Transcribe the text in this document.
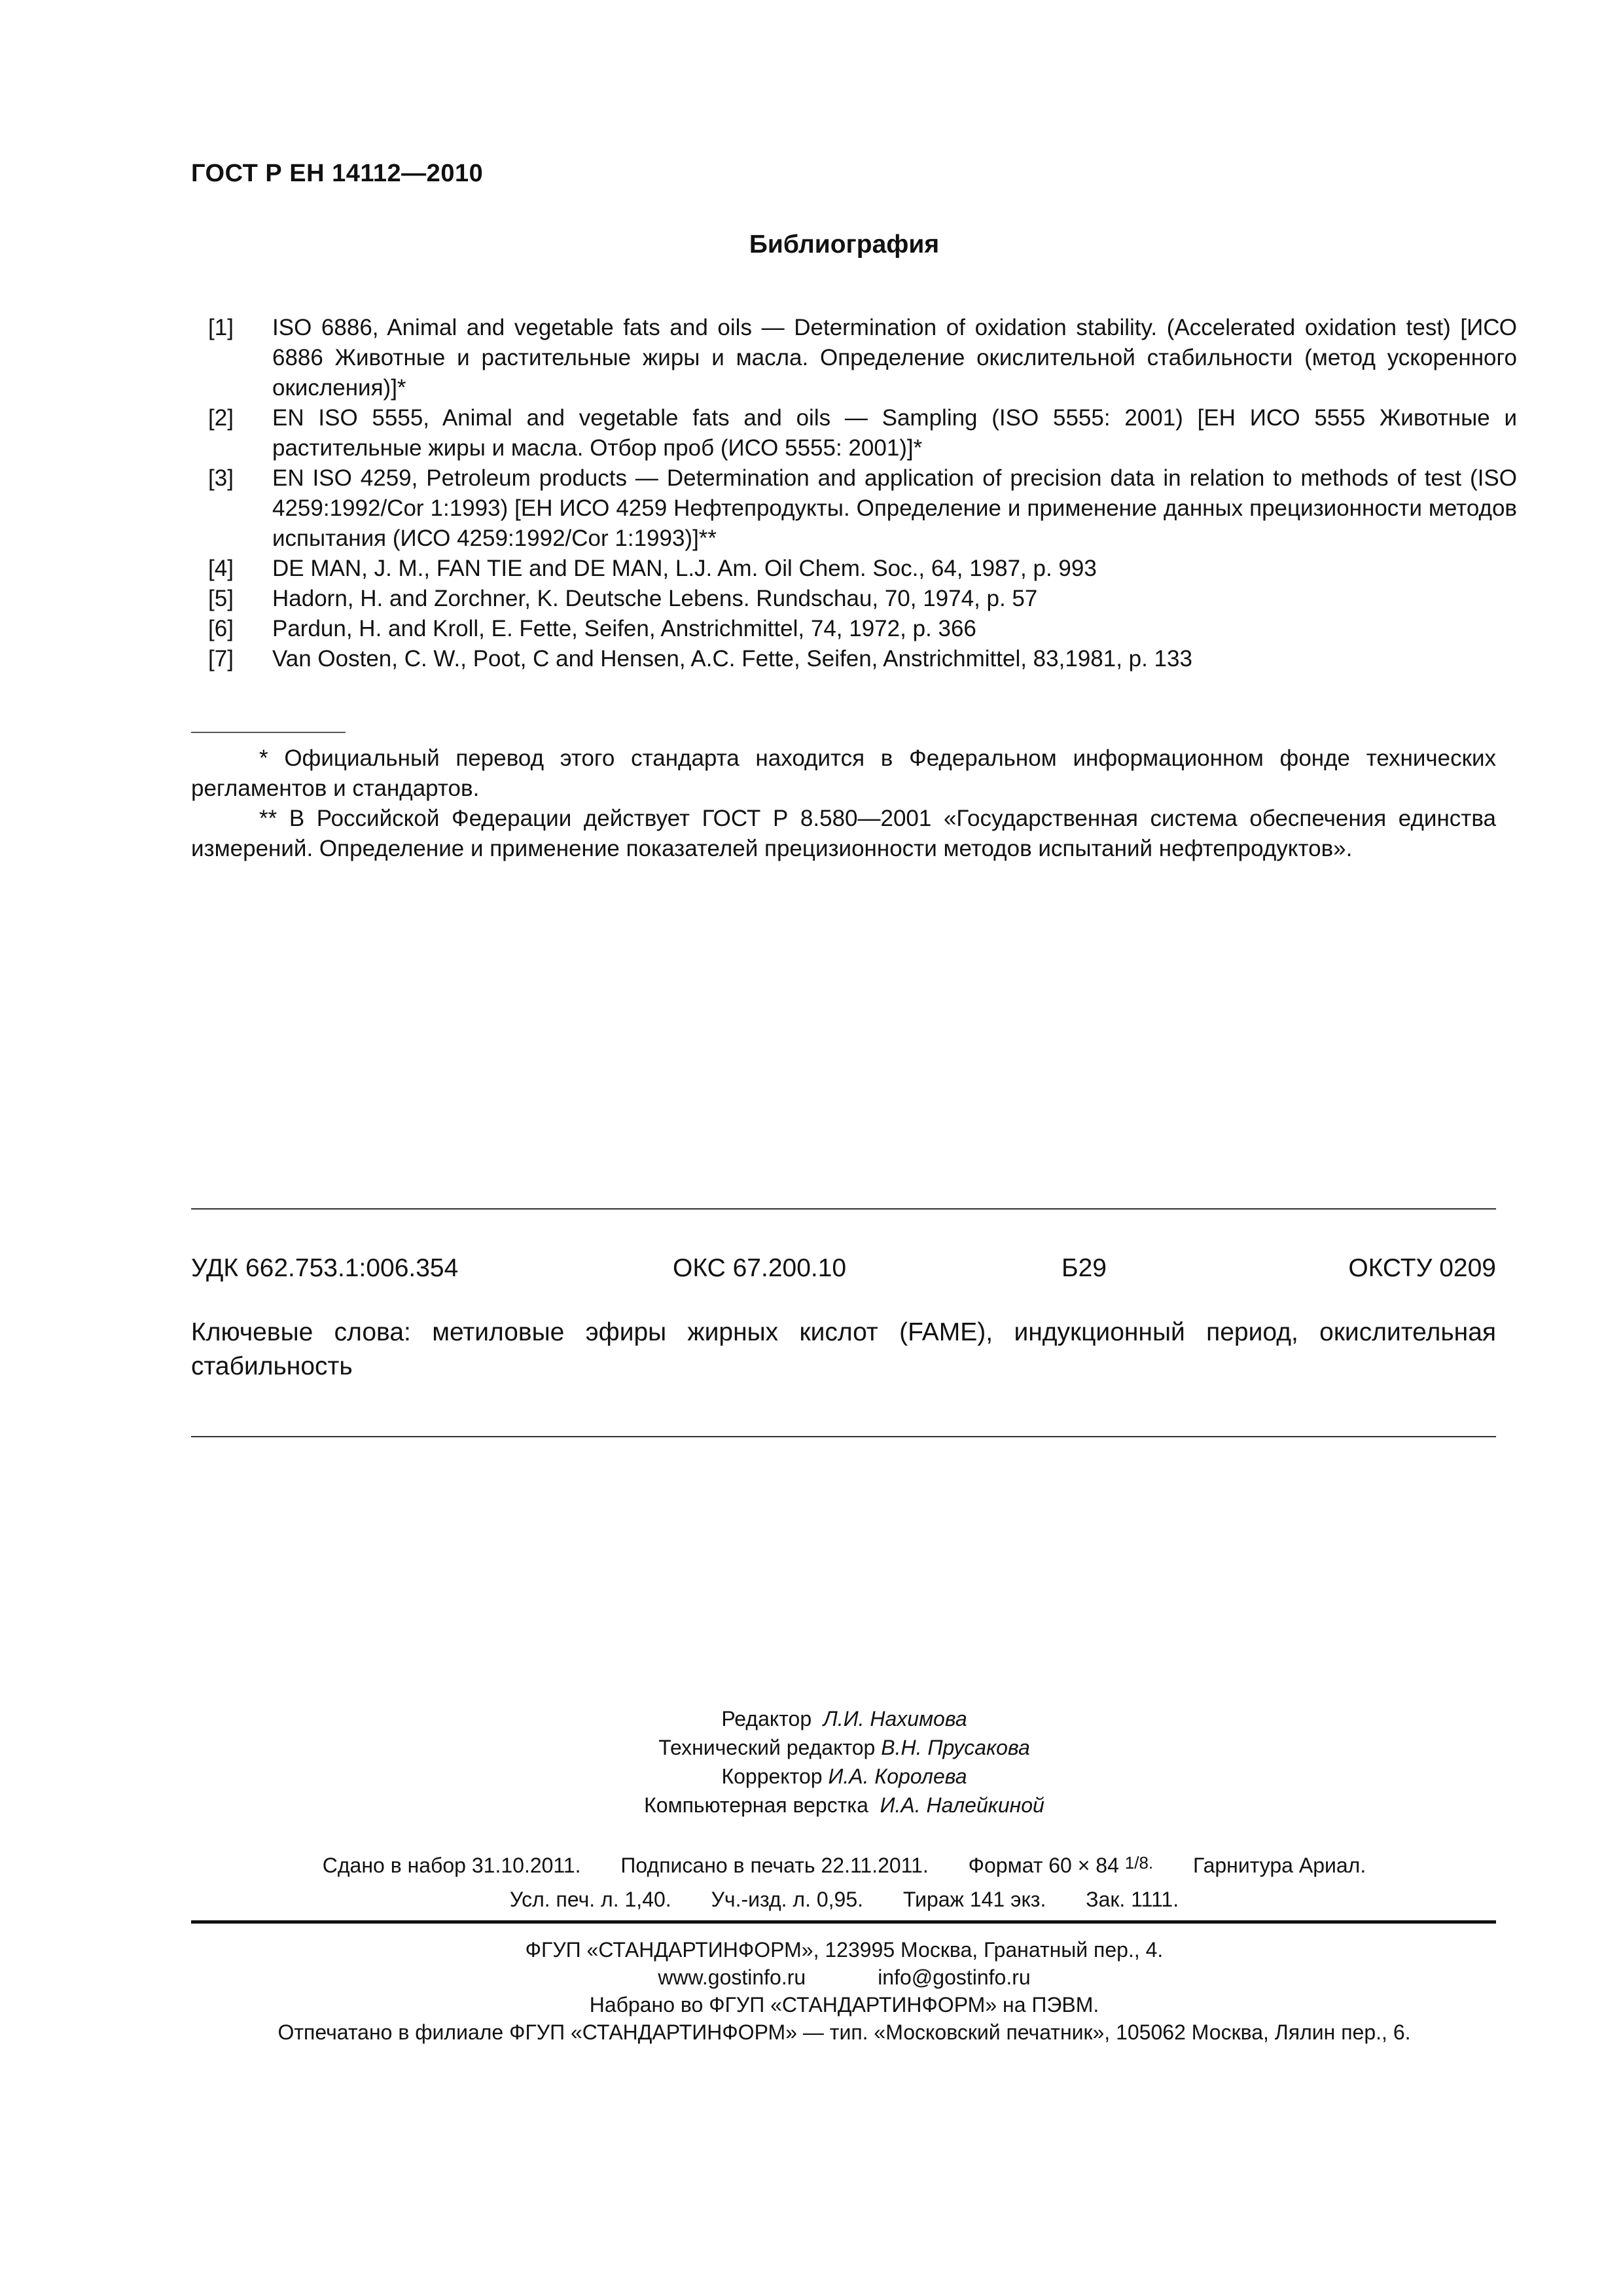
ГОСТ Р ЕН 14112—2010
Библиография
[1]	ISO 6886, Animal and vegetable fats and oils — Determination of oxidation stability. (Accelerated oxidation test) [ИСО 6886 Животные и растительные жиры и масла. Определение окислительной стабильности (метод ускоренного окисления)]*
[2]	EN ISO 5555, Animal and vegetable fats and oils — Sampling (ISO 5555: 2001) [ЕН ИСО 5555 Животные и растительные жиры и масла. Отбор проб (ИСО 5555: 2001)]*
[3]	EN ISO 4259, Petroleum products — Determination and application of precision data in relation to methods of test (ISO 4259:1992/Cor 1:1993) [ЕН ИСО 4259 Нефтепродукты. Определение и применение данных прецизионности методов испытания (ИСО 4259:1992/Cor 1:1993)]**
[4]	DE MAN, J. M., FAN TIE and DE MAN, L.J. Am. Oil Chem. Soc., 64, 1987, p. 993
[5]	Hadorn, H. and Zorchner, K. Deutsche Lebens. Rundschau, 70, 1974, p. 57
[6]	Pardun, H. and Kroll, E. Fette, Seifen, Anstrichmittel, 74, 1972, p. 366
[7]	Van Oosten, C. W., Poot, C and Hensen, A.C. Fette, Seifen, Anstrichmittel, 83,1981, p. 133

* Официальный перевод этого стандарта находится в Федеральном информационном фонде технических регламентов и стандартов.

** В Российской Федерации действует ГОСТ Р 8.580—2001 «Государственная система обеспечения единства измерений. Определение и применение показателей прецизионности методов испытаний нефтепродуктов».

УДК 662.753.1:006.354	ОКС 67.200.10	Б29	ОКСТУ 0209
Ключевые слова: метиловые эфиры жирных кислот (FAME), индукционный период, окислительная стабильность
Редактор Л.И. Нахимова
Технический редактор В.Н. Прусакова
Корректор И.А. Королева
Компьютерная верстка И.А. Налейкиной
Сдано в набор 31.10.2011. Подписано в печать 22.11.2011. Формат 60 × 84 1/8. Гарнитура Ариал.
Усл. печ. л. 1,40. Уч.-изд. л. 0,95. Тираж 141 экз. Зак. 1111.
ФГУП «СТАНДАРТИНФОРМ», 123995 Москва, Гранатный пер., 4.
www.gostinfo.ru	info@gostinfo.ru
Набрано во ФГУП «СТАНДАРТИНФОРМ» на ПЭВМ.
Отпечатано в филиале ФГУП «СТАНДАРТИНФОРМ» — тип. «Московский печатник», 105062 Москва, Лялин пер., 6.
